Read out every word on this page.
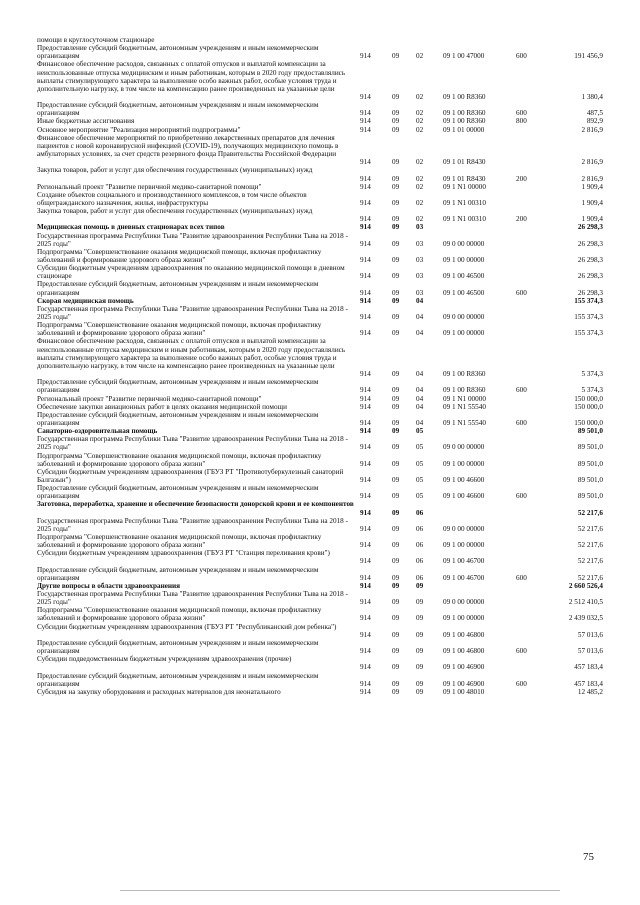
помощи в круглосуточном стационаре
Предоставление субсидий бюджетным, автономным учреждениям и иным некоммерческим организациям	914	09 02	09 1 00 47000	600	191 456,9
Финансовое обеспечение расходов, связанных с оплатой отпусков и выплатой компенсации за неиспользованные отпуска медицинским и иным работникам, которым в 2020 году предоставлялись выплаты стимулирующего характера за выполнение особо важных работ, особые условия труда и дополнительную нагрузку, в том числе на компенсацию ранее произведенных на указанные цели
914	09 02	09 1 00 R8360	1 380,4
Предоставление субсидий бюджетным, автономным учреждениям и иным некоммерческим организациям	914	09 02	09 1 00 R8360	600	487,5
Иные бюджетные ассигнования	914	09 02	09 1 00 R8360	800	892,9
Основное мероприятие "Реализация мероприятий подпрограммы"	914	09 02	09 1 01 00000	2 816,9
Финансовое обеспечение мероприятий по приобретению лекарственных препаратов для лечения пациентов с новой коронавирусной инфекцией (COVID-19), получающих медицинскую помощь в амбулаторных условиях, за счет средств резервного фонда Правительства Российской Федерации
914	09 02	09 1 01 R8430	2 816,9
Закупка товаров, работ и услуг для обеспечения государственных (муниципальных) нужд
914	09 02	09 1 01 R8430	200	2 816,9
Региональный проект "Развитие первичной медико-санитарной помощи"	914	09 02	09 1 N1 00000	1 909,4
Создание объектов социального и производственного комплексов, в том числе объектов общегражданского назначения, жилья, инфраструктуры	914	09 02	09 1 N1 00310	1 909,4
Закупка товаров, работ и услуг для обеспечения государственных (муниципальных) нужд
914	09 02	09 1 N1 00310	200	1 909,4
Медицинская помощь в дневных стационарах всех типов	914	09 03	26 298,3
Государственная программа Республики Тыва "Развитие здравоохранения Республики Тыва на 2018 - 2025 годы"	914	09 03	09 0 00 00000	26 298,3
Подпрограмма "Совершенствование оказания медицинской помощи, включая профилактику заболеваний и формирование здорового образа жизни"	914	09 03	09 1 00 00000	26 298,3
Субсидии бюджетным учреждениям здравоохранения по оказанию медицинской помощи в дневном стационаре	914	09 03	09 1 00 46500	26 298,3
Предоставление субсидий бюджетным, автономным учреждениям и иным некоммерческим организациям	914	09 03	09 1 00 46500	600	26 298,3
Скорая медицинская помощь	914	09 04	155 374,3
Государственная программа Республики Тыва "Развитие здравоохранения Республики Тыва на 2018 - 2025 годы"	914	09 04	09 0 00 00000	155 374,3
Подпрограмма "Совершенствование оказания медицинской помощи, включая профилактику заболеваний и формирование здорового образа жизни"	914	09 04	09 1 00 00000	155 374,3
Финансовое обеспечение расходов, связанных с оплатой отпусков и выплатой компенсации за неиспользованные отпуска медицинским и иным работникам, которым в 2020 году предоставлялись выплаты стимулирующего характера за выполнение особо важных работ, особые условия труда и дополнительную нагрузку, в том числе на компенсацию ранее произведенных на указанные цели
914	09 04	09 1 00 R8360	5 374,3
Предоставление субсидий бюджетным, автономным учреждениям и иным некоммерческим организациям	914	09 04	09 1 00 R8360	600	5 374,3
Региональный проект "Развитие первичной медико-санитарной помощи"	914	09 04	09 1 N1 00000	150 000,0
Обеспечение закупки авиационных работ в целях оказания медицинской помощи	914	09 04	09 1 N1 55540	150 000,0
Предоставление субсидий бюджетным, автономным учреждениям и иным некоммерческим организациям	914	09 04	09 1 N1 55540	600	150 000,0
Санаторно-оздоровительная помощь	914	09 05	89 501,0
Государственная программа Республики Тыва "Развитие здравоохранения Республики Тыва на 2018 - 2025 годы"	914	09 05	09 0 00 00000	89 501,0
Подпрограмма "Совершенствование оказания медицинской помощи, включая профилактику заболеваний и формирование здорового образа жизни"	914	09 05	09 1 00 00000	89 501,0
Субсидии бюджетным учреждениям здравоохранения (ГБУЗ РТ "Противотуберкулезный санаторий Балгазын")	914	09 05	09 1 00 46600	89 501,0
Предоставление субсидий бюджетным, автономным учреждениям и иным некоммерческим организациям	914	09 05	09 1 00 46600	600	89 501,0
Заготовка, переработка, хранение и обеспечение безопасности донорской крови и ее компонентов
914	09 06	52 217,6
Государственная программа Республики Тыва "Развитие здравоохранения Республики Тыва на 2018 - 2025 годы"	914	09 06	09 0 00 00000	52 217,6
Подпрограмма "Совершенствование оказания медицинской помощи, включая профилактику заболеваний и формирование здорового образа жизни"	914	09 06	09 1 00 00000	52 217,6
Субсидии бюджетным учреждениям здравоохранения (ГБУЗ РТ "Станция переливания крови")
914	09 06	09 1 00 46700	52 217,6
Предоставление субсидий бюджетным, автономным учреждениям и иным некоммерческим организациям	914	09 06	09 1 00 46700	600	52 217,6
Другие вопросы в области здравоохранения	914	09 09	2 660 526,4
Государственная программа Республики Тыва "Развитие здравоохранения Республики Тыва на 2018 - 2025 годы"	914	09 09	09 0 00 00000	2 512 410,5
Подпрограмма "Совершенствование оказания медицинской помощи, включая профилактику заболеваний и формирование здорового образа жизни"	914	09 09	09 1 00 00000	2 439 032,5
Субсидии бюджетным учреждениям здравоохранения (ГБУЗ РТ "Республиканский дом ребенка")
914	09 09	09 1 00 46800	57 013,6
Предоставление субсидий бюджетным, автономным учреждениям и иным некоммерческим организациям	914	09 09	09 1 00 46800	600	57 013,6
Субсидии подведомственным бюджетным учреждениям здравоохранения (прочие)
914	09 09	09 1 00 46900	457 183,4
Предоставление субсидий бюджетным, автономным учреждениям и иным некоммерческим организациям	914	09 09	09 1 00 46900	600	457 183,4
Субсидия на закупку оборудования и расходных материалов для неонатального	914	09 09	09 1 00 48010	12 485,2
75
